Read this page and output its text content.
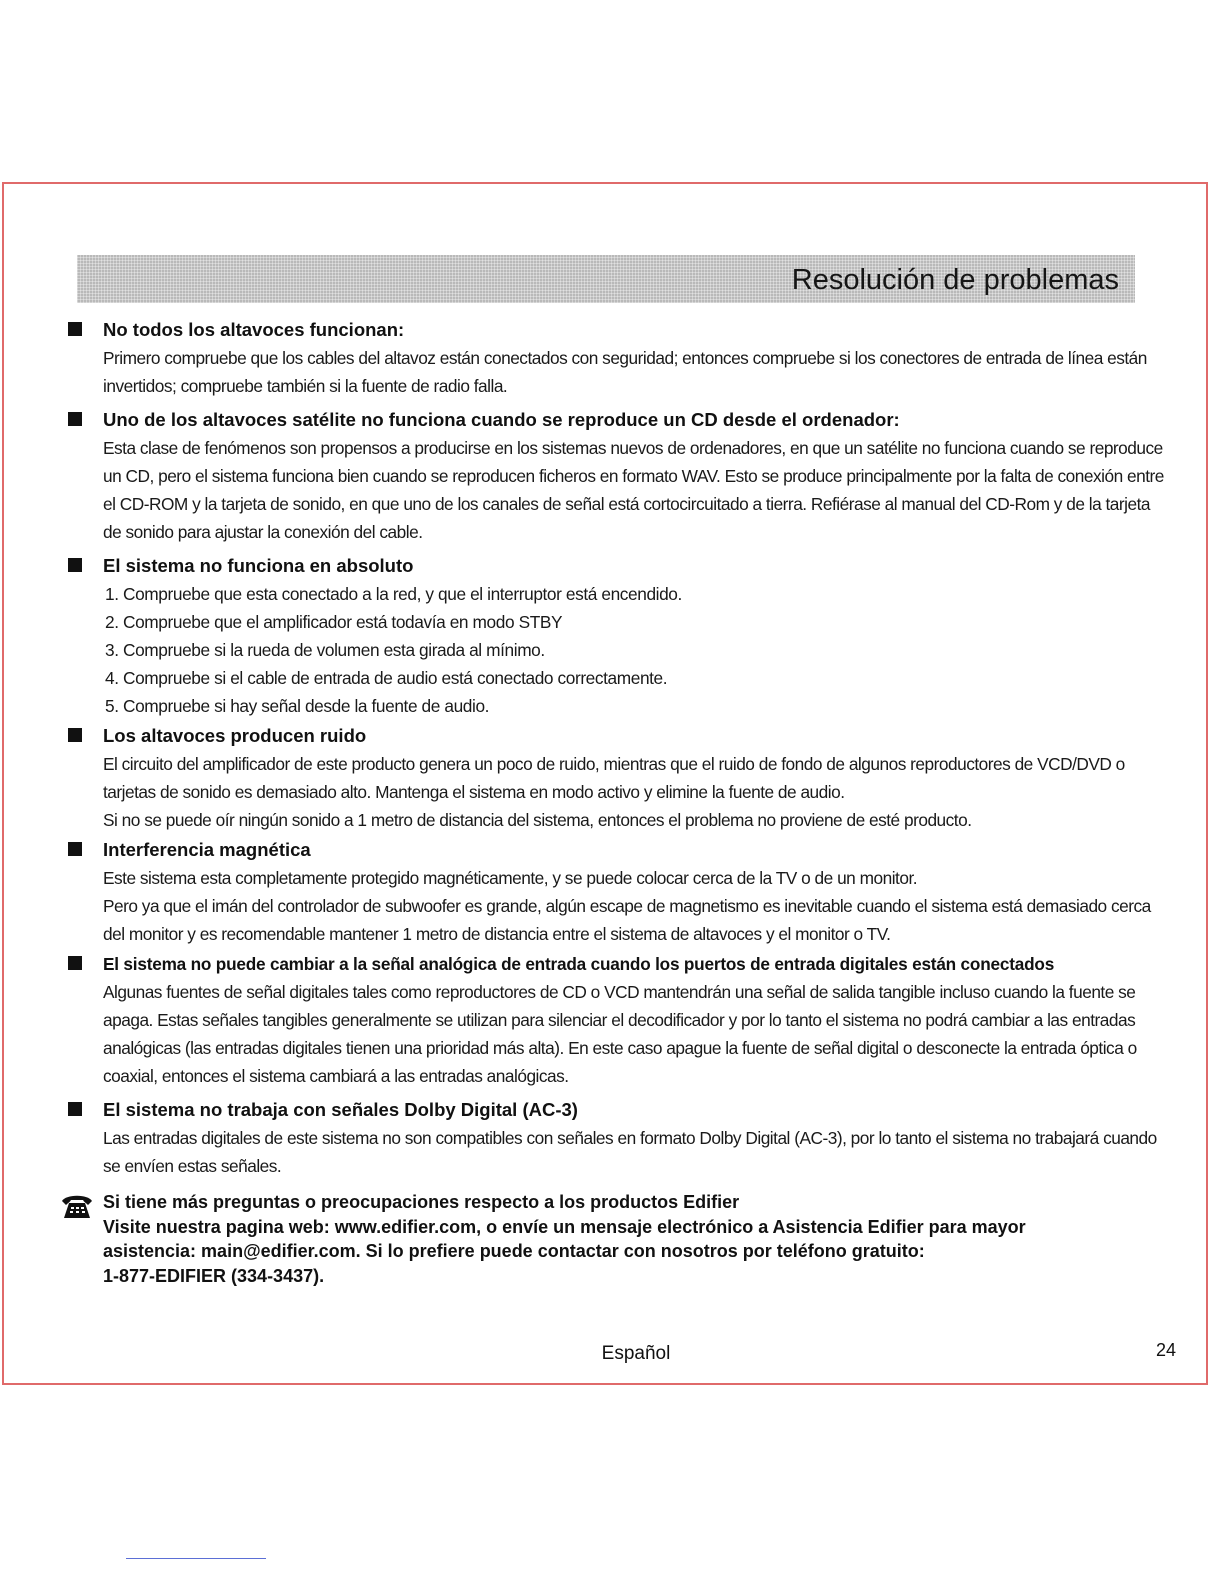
Resolución de problemas
No todos los altavoces funcionan:

Primero compruebe que los cables del altavoz están conectados con seguridad; entonces compruebe si los conectores de entrada de línea están invertidos; compruebe también si la fuente de radio falla.

Uno de los altavoces satélite no funciona cuando se reproduce un CD desde el ordenador:

Esta clase de fenómenos son propensos a producirse en los sistemas nuevos de ordenadores, en que un satélite no funciona cuando se reproduce un CD, pero el sistema funciona bien cuando se reproducen ficheros en formato WAV. Esto se produce principalmente por la falta de conexión entre el CD-ROM y la tarjeta de sonido, en que uno de los canales de señal está cortocircuitado a tierra. Refiérase al manual del CD-Rom y de la tarjeta de sonido para ajustar la conexión del cable.

El sistema no funciona en absoluto
1. Compruebe que esta conectado a la red, y que el interruptor está encendido.
2. Compruebe que el amplificador está todavía en modo STBY
3. Compruebe si la rueda de volumen esta girada al mínimo.
4. Compruebe si el cable de entrada de audio está conectado correctamente.
5. Compruebe si hay señal desde la fuente de audio.
Los altavoces producen ruido

El circuito del amplificador de este producto genera un poco de ruido, mientras que el ruido de fondo de algunos reproductores de VCD/DVD o tarjetas de sonido es demasiado alto. Mantenga el sistema en modo activo y elimine la fuente de audio.

Si no se puede oír ningún sonido a 1 metro de distancia del sistema, entonces el problema no proviene de esté producto.

Interferencia magnética

Este sistema esta completamente protegido magnéticamente, y se puede colocar cerca de la TV o de un monitor.

Pero ya que el imán del controlador de subwoofer es grande, algún escape de magnetismo es inevitable cuando el sistema está demasiado cerca del monitor y es recomendable mantener 1 metro de distancia entre el sistema de altavoces y el monitor o TV.

El sistema no puede cambiar a la señal analógica de entrada cuando los puertos de entrada digitales están conectados

Algunas fuentes de señal digitales tales como reproductores de CD o VCD mantendrán una señal de salida tangible incluso cuando la fuente se apaga. Estas señales tangibles generalmente se utilizan para silenciar el decodificador y por lo tanto el sistema no podrá cambiar a las entradas analógicas (las entradas digitales tienen una prioridad más alta). En este caso apague la fuente de señal digital o desconecte la entrada óptica o coaxial, entonces el sistema cambiará a las entradas analógicas.

El sistema no trabaja con señales Dolby Digital (AC-3)

Las entradas digitales de este sistema no son compatibles con señales en formato Dolby Digital (AC-3), por lo tanto el sistema no trabajará cuando se envíen estas señales.

Si tiene más preguntas o preocupaciones respecto a los productos Edifier
Visite nuestra pagina web: www.edifier.com, o envíe un mensaje electrónico a Asistencia Edifier para mayor
asistencia: main@edifier.com. Si lo prefiere puede contactar con nosotros por teléfono gratuito:
1-877-EDIFIER (334-3437).
Español	24
